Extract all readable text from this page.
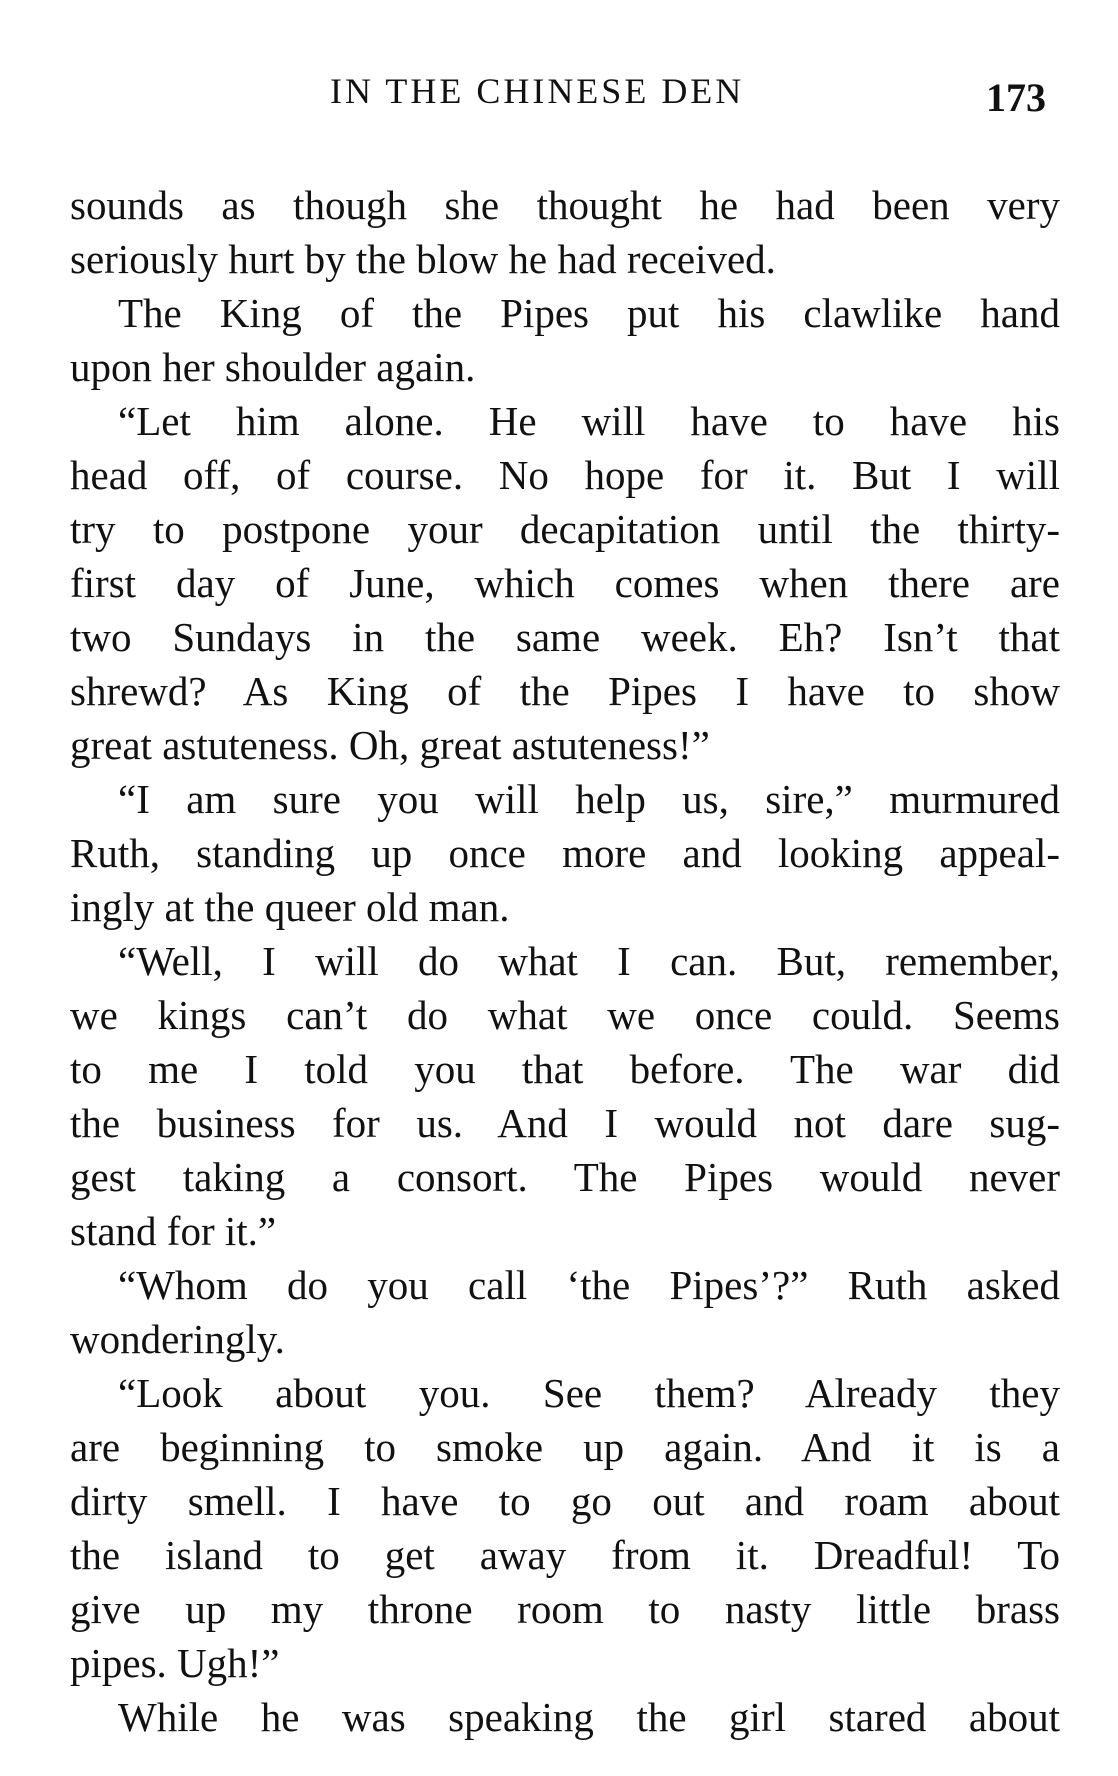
IN THE CHINESE DEN	173
sounds as though she thought he had been very
seriously hurt by the blow he had received.
The King of the Pipes put his clawlike hand
upon her shoulder again.
“Let him alone. He will have to have his
head off, of course. No hope for it. But I will
try to postpone your decapitation until the thirty-
first day of June, which comes when there are
two Sundays in the same week. Eh? Isn’t that
shrewd? As King of the Pipes I have to show
great astuteness. Oh, great astuteness!”
“I am sure you will help us, sire,” murmured
Ruth, standing up once more and looking appeal-
ingly at the queer old man.
“Well, I will do what I can. But, remember,
we kings can’t do what we once could. Seems
to me I told you that before. The war did
the business for us. And I would not dare sug-
gest taking a consort. The Pipes would never
stand for it.”
“Whom do you call ‘the Pipes’?” Ruth asked
wonderingly.
“Look about you. See them? Already they
are beginning to smoke up again. And it is a
dirty smell. I have to go out and roam about
the island to get away from it. Dreadful! To
give up my throne room to nasty little brass
pipes. Ugh!”
While he was speaking the girl stared about
